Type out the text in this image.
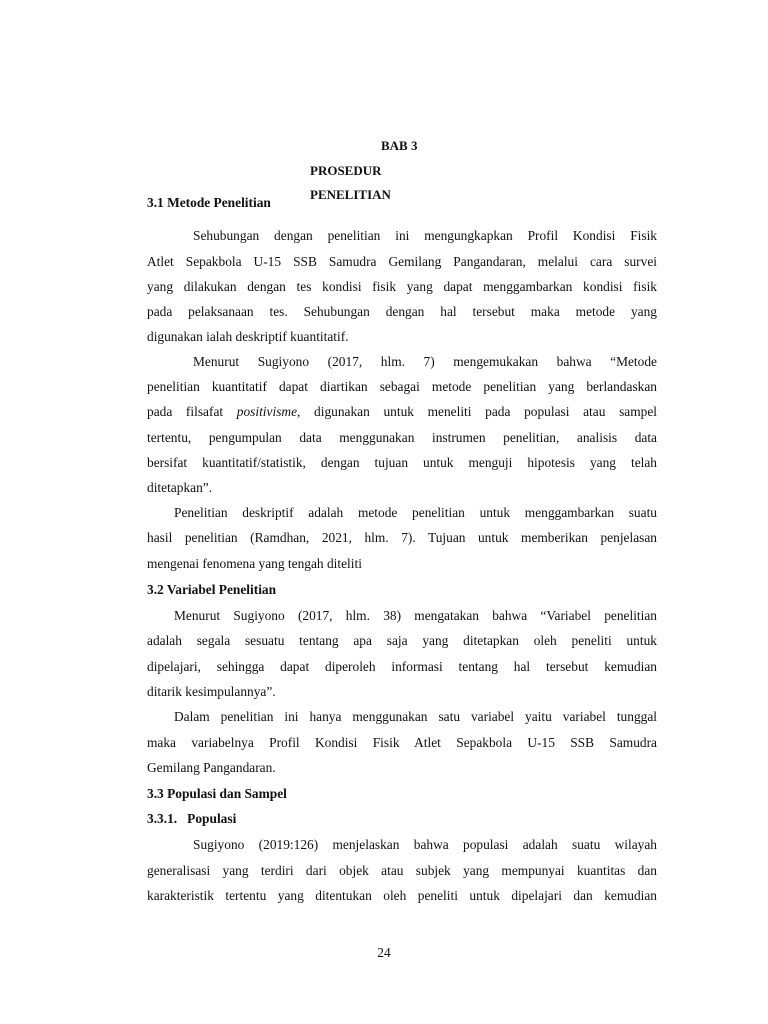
BAB 3
PROSEDUR
PENELITIAN
3.1 Metode Penelitian
Sehubungan dengan penelitian ini mengungkapkan Profil Kondisi Fisik
Atlet Sepakbola U-15 SSB Samudra Gemilang Pangandaran, melalui cara survei
yang dilakukan dengan tes kondisi fisik yang dapat menggambarkan kondisi fisik
pada pelaksanaan tes. Sehubungan dengan hal tersebut maka metode yang
digunakan ialah deskriptif kuantitatif.
Menurut Sugiyono (2017, hlm. 7) mengemukakan bahwa “Metode
penelitian kuantitatif dapat diartikan sebagai metode penelitian yang berlandaskan
pada filsafat positivisme, digunakan untuk meneliti pada populasi atau sampel
tertentu, pengumpulan data menggunakan instrumen penelitian, analisis data
bersifat kuantitatif/statistik, dengan tujuan untuk menguji hipotesis yang telah
ditetapkan”.
Penelitian deskriptif adalah metode penelitian untuk menggambarkan suatu
hasil penelitian (Ramdhan, 2021, hlm. 7). Tujuan untuk memberikan penjelasan
mengenai fenomena yang tengah diteliti
3.2 Variabel Penelitian
Menurut Sugiyono (2017, hlm. 38) mengatakan bahwa “Variabel penelitian
adalah segala sesuatu tentang apa saja yang ditetapkan oleh peneliti untuk
dipelajari, sehingga dapat diperoleh informasi tentang hal tersebut kemudian
ditarik kesimpulannya”.
Dalam penelitian ini hanya menggunakan satu variabel yaitu variabel tunggal
maka variabelnya Profil Kondisi Fisik Atlet Sepakbola U-15 SSB Samudra
Gemilang Pangandaran.
3.3 Populasi dan Sampel
3.3.1.   Populasi
Sugiyono (2019:126) menjelaskan bahwa populasi adalah suatu wilayah
generalisasi yang terdiri dari objek atau subjek yang mempunyai kuantitas dan
karakteristik tertentu yang ditentukan oleh peneliti untuk dipelajari dan kemudian
24
